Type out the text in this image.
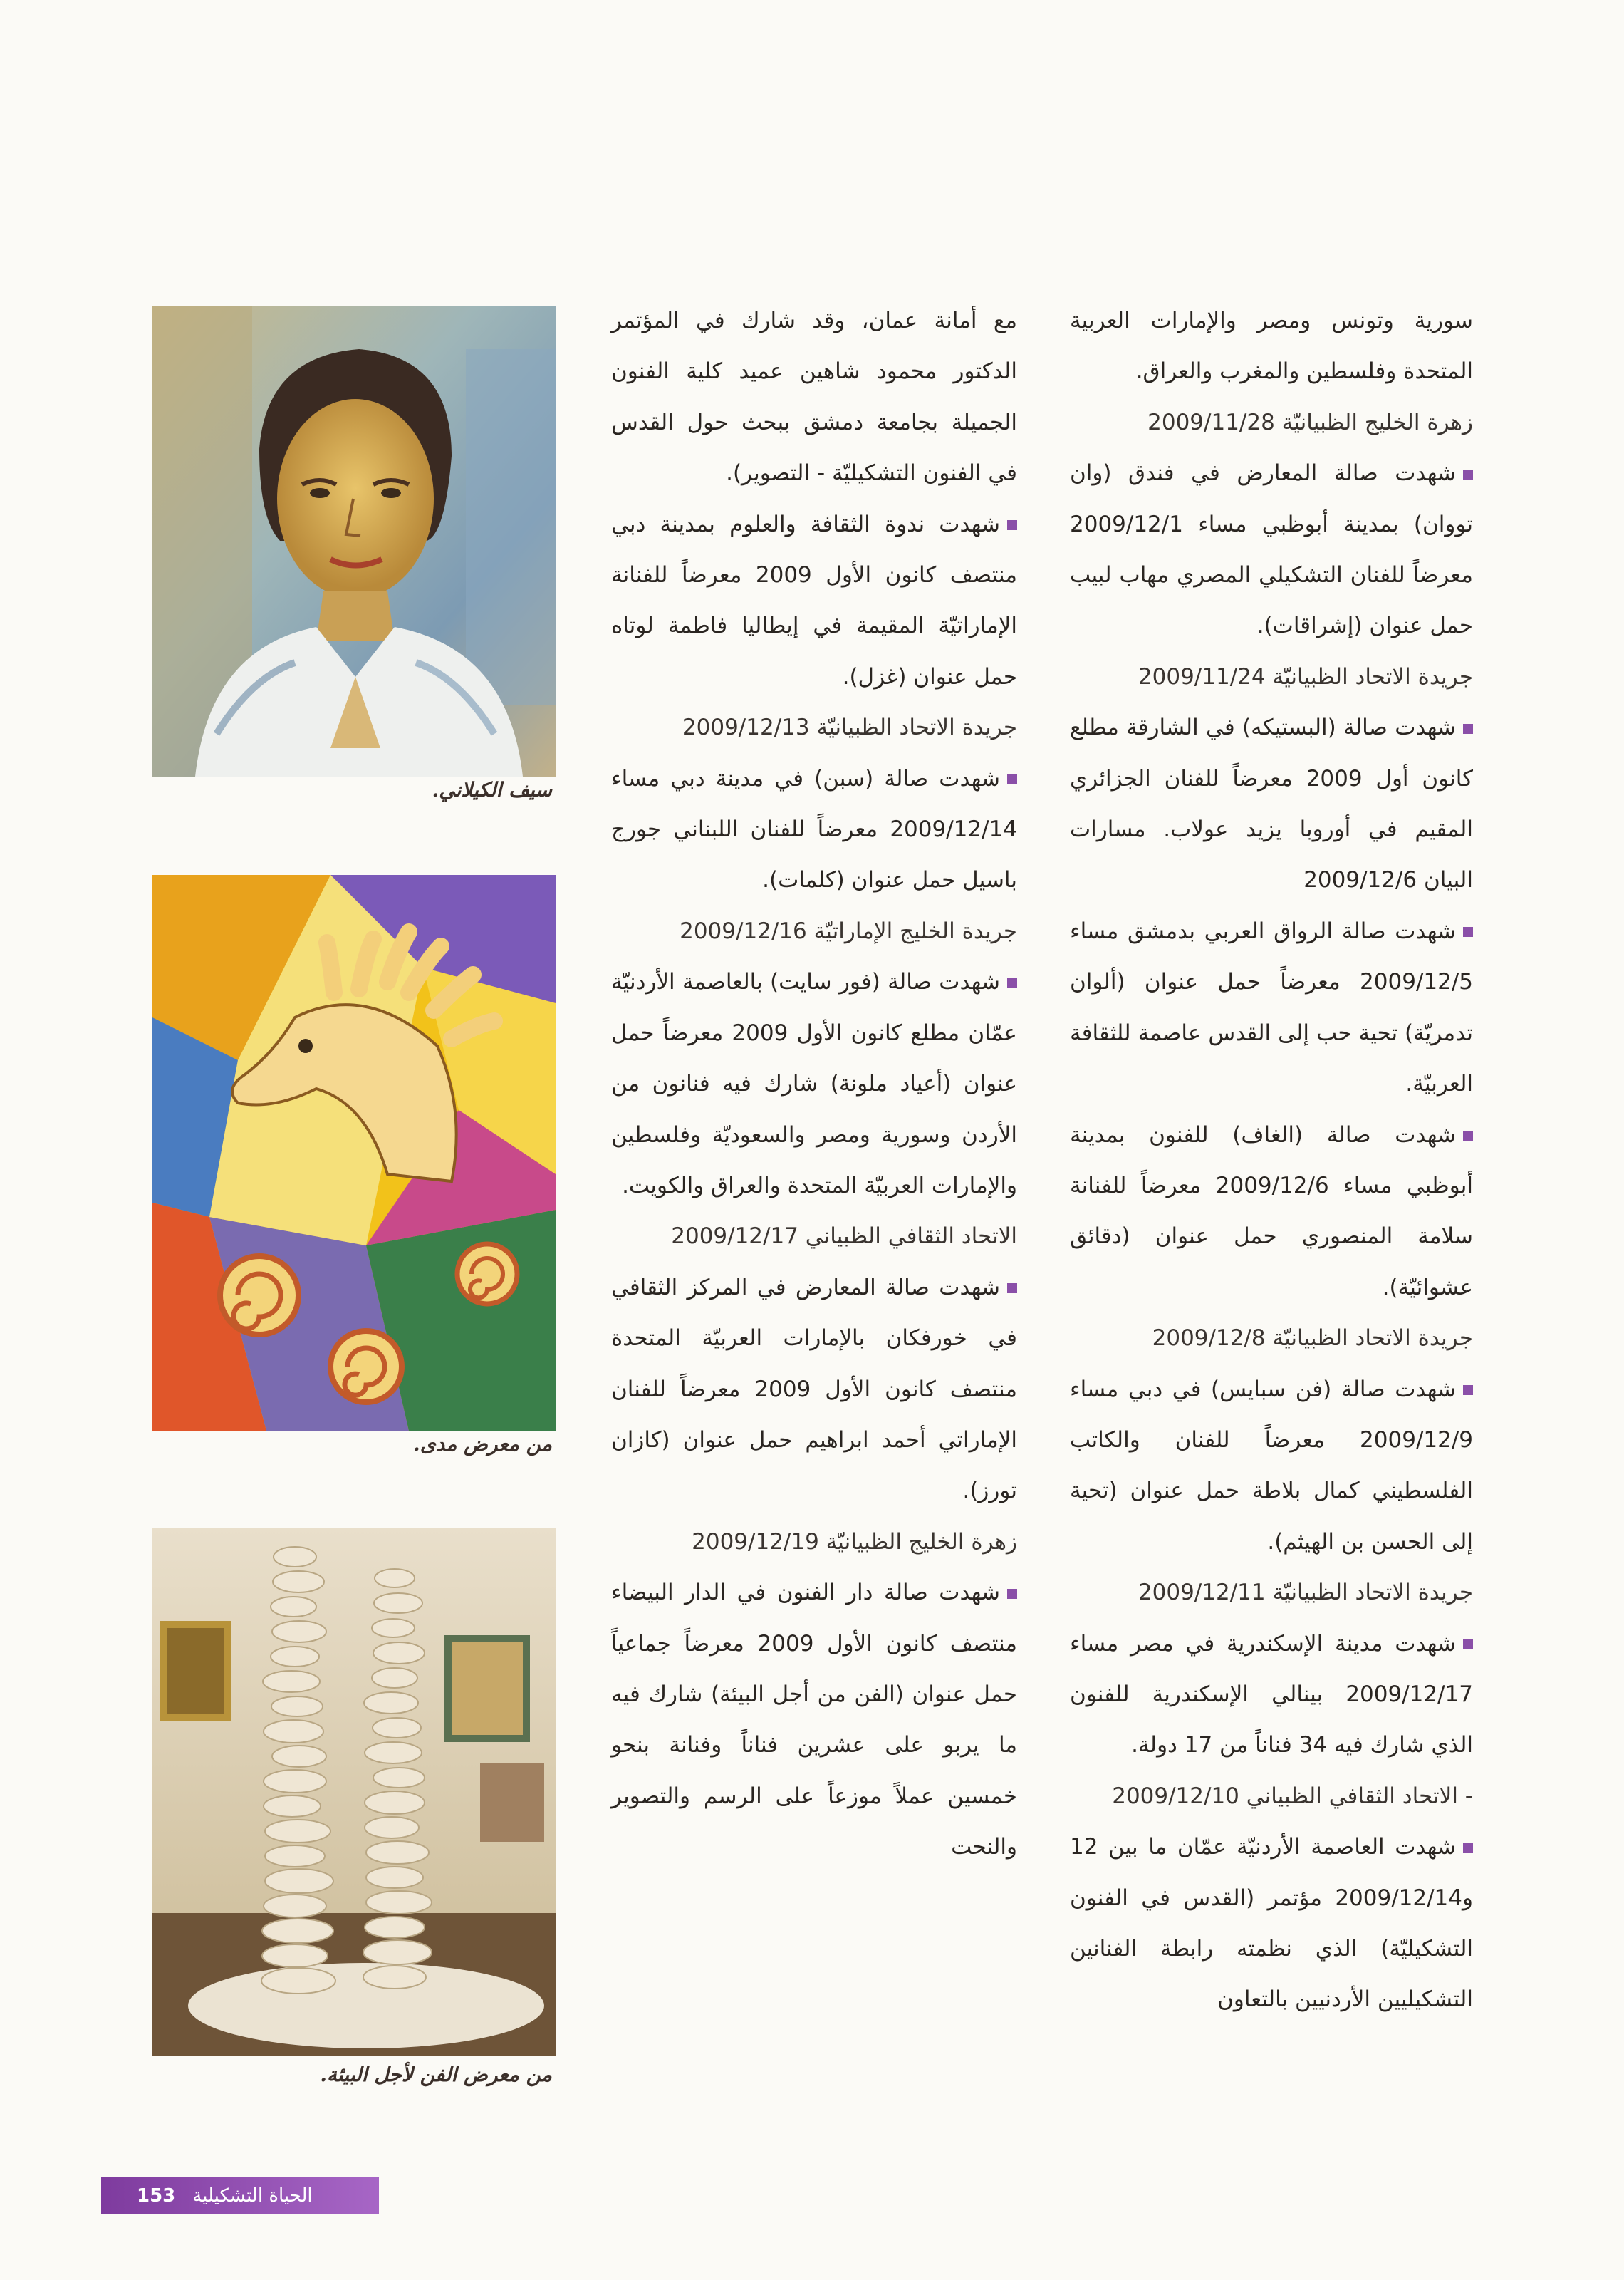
سورية وتونس ومصر والإمارات العربية المتحدة وفلسطين والمغرب والعراق.

زهرة الخليج الظبيانيّة 2009/11/28

شهدت صالة المعارض في فندق (وان تووان) بمدينة أبوظبي مساء 2009/12/1 معرضاً للفنان التشكيلي المصري مهاب لبيب حمل عنوان (إشراقات).

جريدة الاتحاد الظبيانيّة 2009/11/24

شهدت صالة (البستيكه) في الشارقة مطلع كانون أول 2009 معرضاً للفنان الجزائري المقيم في أوروبا يزيد عولاب. مسارات البيان 2009/12/6

شهدت صالة الرواق العربي بدمشق مساء 2009/12/5 معرضاً حمل عنوان (ألوان تدمريّة) تحية حب إلى القدس عاصمة للثقافة العربيّة.

شهدت صالة (الغاف) للفنون بمدينة أبوظبي مساء 2009/12/6 معرضاً للفنانة سلامة المنصوري حمل عنوان (دقائق عشوائيّة).

جريدة الاتحاد الظبيانيّة 2009/12/8

شهدت صالة (فن سبايس) في دبي مساء 2009/12/9 معرضاً للفنان والكاتب الفلسطيني كمال بلاطة حمل عنوان (تحية إلى الحسن بن الهيثم).

جريدة الاتحاد الظبيانيّة 2009/12/11

شهدت مدينة الإسكندرية في مصر مساء 2009/12/17 بينالي الإسكندرية للفنون الذي شارك فيه 34 فناناً من 17 دولة.

- الاتحاد الثقافي الظبياني 2009/12/10

شهدت العاصمة الأردنيّة عمّان ما بين 12 و2009/12/14 مؤتمر (القدس في الفنون التشكيليّة) الذي نظمته رابطة الفنانين التشكيليين الأردنيين بالتعاون

مع أمانة عمان، وقد شارك في المؤتمر الدكتور محمود شاهين عميد كلية الفنون الجميلة بجامعة دمشق ببحث حول القدس في الفنون التشكيليّة - التصوير).

شهدت ندوة الثقافة والعلوم بمدينة دبي منتصف كانون الأول 2009 معرضاً للفنانة الإماراتيّة المقيمة في إيطاليا فاطمة لوتاه حمل عنوان (غزل).

جريدة الاتحاد الظبيانيّة 2009/12/13

شهدت صالة (سبن) في مدينة دبي مساء 2009/12/14 معرضاً للفنان اللبناني جورج باسيل حمل عنوان (كلمات).

جريدة الخليج الإماراتيّة 2009/12/16

شهدت صالة (فور سايت) بالعاصمة الأردنيّة عمّان مطلع كانون الأول 2009 معرضاً حمل عنوان (أعياد ملونة) شارك فيه فنانون من الأردن وسورية ومصر والسعوديّة وفلسطين والإمارات العربيّة المتحدة والعراق والكويت.

الاتحاد الثقافي الظبياني 2009/12/17

شهدت صالة المعارض في المركز الثقافي في خورفكان بالإمارات العربيّة المتحدة منتصف كانون الأول 2009 معرضاً للفنان الإماراتي أحمد ابراهيم حمل عنوان (كازان تورز).

زهرة الخليج الظبيانيّة 2009/12/19

شهدت صالة دار الفنون في الدار البيضاء منتصف كانون الأول 2009 معرضاً جماعياً حمل عنوان (الفن من أجل البيئة) شارك فيه ما يربو على عشرين فناناً وفنانة بنحو خمسين عملاً موزعاً على الرسم والتصوير والنحت

سيف الكيلاني.
من معرض مدى.
من معرض الفن لأجل البيئة.
153 الحياة التشكيلية
